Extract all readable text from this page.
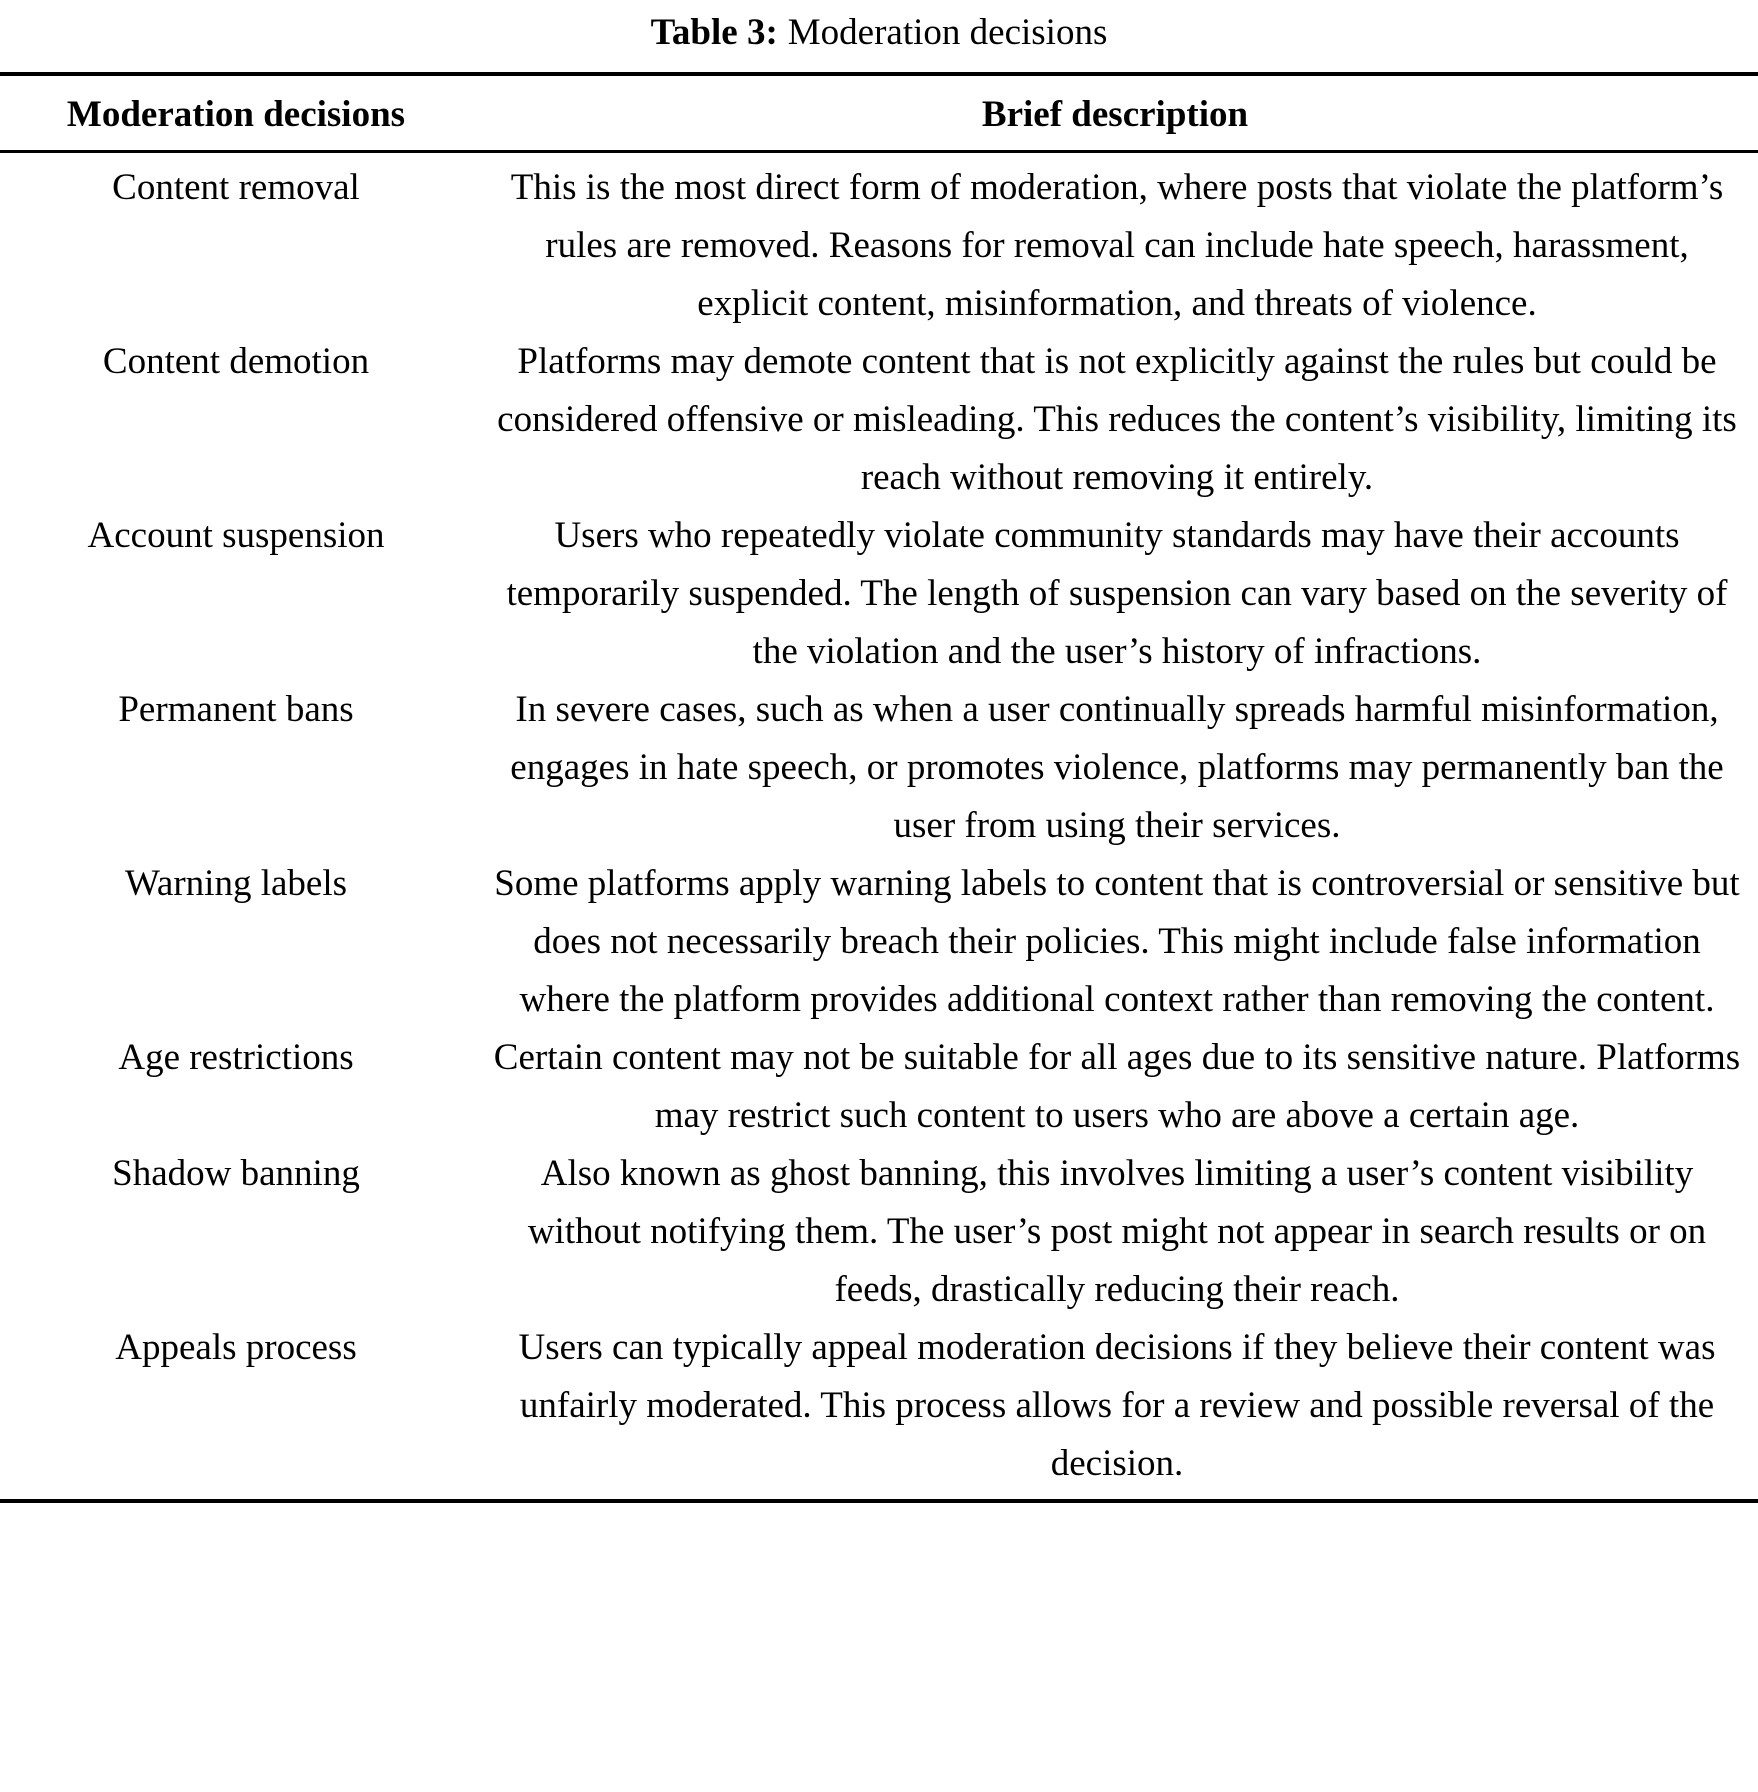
Table 3: Moderation decisions
Moderation decisions	Brief description
Content removal	This is the most direct form of moderation, where posts that violate the platform’s rules are removed. Reasons for removal can include hate speech, harassment, explicit content, misinformation, and threats of violence.
Content demotion	Platforms may demote content that is not explicitly against the rules but could be considered offensive or misleading. This reduces the content’s visibility, limiting its reach without removing it entirely.
Account suspension	Users who repeatedly violate community standards may have their accounts temporarily suspended. The length of suspension can vary based on the severity of the violation and the user’s history of infractions.
Permanent bans	In severe cases, such as when a user continually spreads harmful misinformation, engages in hate speech, or promotes violence, platforms may permanently ban the user from using their services.
Warning labels	Some platforms apply warning labels to content that is controversial or sensitive but does not necessarily breach their policies. This might include false information where the platform provides additional context rather than removing the content.
Age restrictions	Certain content may not be suitable for all ages due to its sensitive nature. Platforms may restrict such content to users who are above a certain age.
Shadow banning	Also known as ghost banning, this involves limiting a user’s content visibility without notifying them. The user’s post might not appear in search results or on feeds, drastically reducing their reach.
Appeals process	Users can typically appeal moderation decisions if they believe their content was unfairly moderated. This process allows for a review and possible reversal of the decision.
